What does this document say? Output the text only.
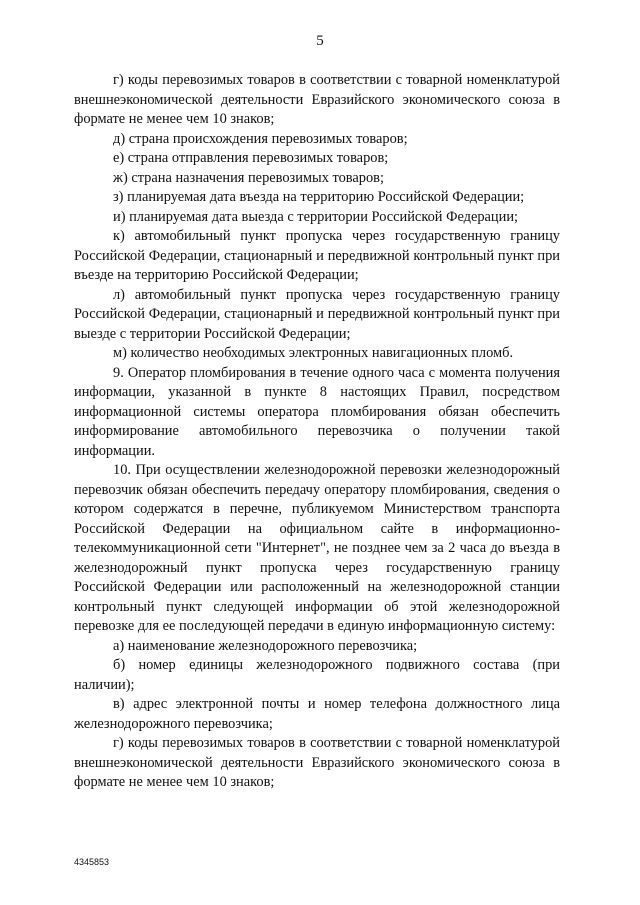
5

г) коды перевозимых товаров в соответствии с товарной номенклатурой внешнеэкономической деятельности Евразийского экономического союза в формате не менее чем 10 знаков;

д) страна происхождения перевозимых товаров;

е) страна отправления перевозимых товаров;

ж) страна назначения перевозимых товаров;

з) планируемая дата въезда на территорию Российской Федерации;

и) планируемая дата выезда с территории Российской Федерации;

к) автомобильный пункт пропуска через государственную границу Российской Федерации, стационарный и передвижной контрольный пункт при въезде на территорию Российской Федерации;

л) автомобильный пункт пропуска через государственную границу Российской Федерации, стационарный и передвижной контрольный пункт при выезде с территории Российской Федерации;

м) количество необходимых электронных навигационных пломб.

9. Оператор пломбирования в течение одного часа с момента получения информации, указанной в пункте 8 настоящих Правил, посредством информационной системы оператора пломбирования обязан обеспечить информирование автомобильного перевозчика о получении такой информации.

10. При осуществлении железнодорожной перевозки железнодорожный перевозчик обязан обеспечить передачу оператору пломбирования, сведения о котором содержатся в перечне, публикуемом Министерством транспорта Российской Федерации на официальном сайте в информационно-телекоммуникационной сети "Интернет", не позднее чем за 2 часа до въезда в железнодорожный пункт пропуска через государственную границу Российской Федерации или расположенный на железнодорожной станции контрольный пункт следующей информации об этой железнодорожной перевозке для ее последующей передачи в единую информационную систему:

а) наименование железнодорожного перевозчика;

б) номер единицы железнодорожного подвижного состава (при наличии);

в) адрес электронной почты и номер телефона должностного лица железнодорожного перевозчика;

г) коды перевозимых товаров в соответствии с товарной номенклатурой внешнеэкономической деятельности Евразийского экономического союза в формате не менее чем 10 знаков;

4345853
